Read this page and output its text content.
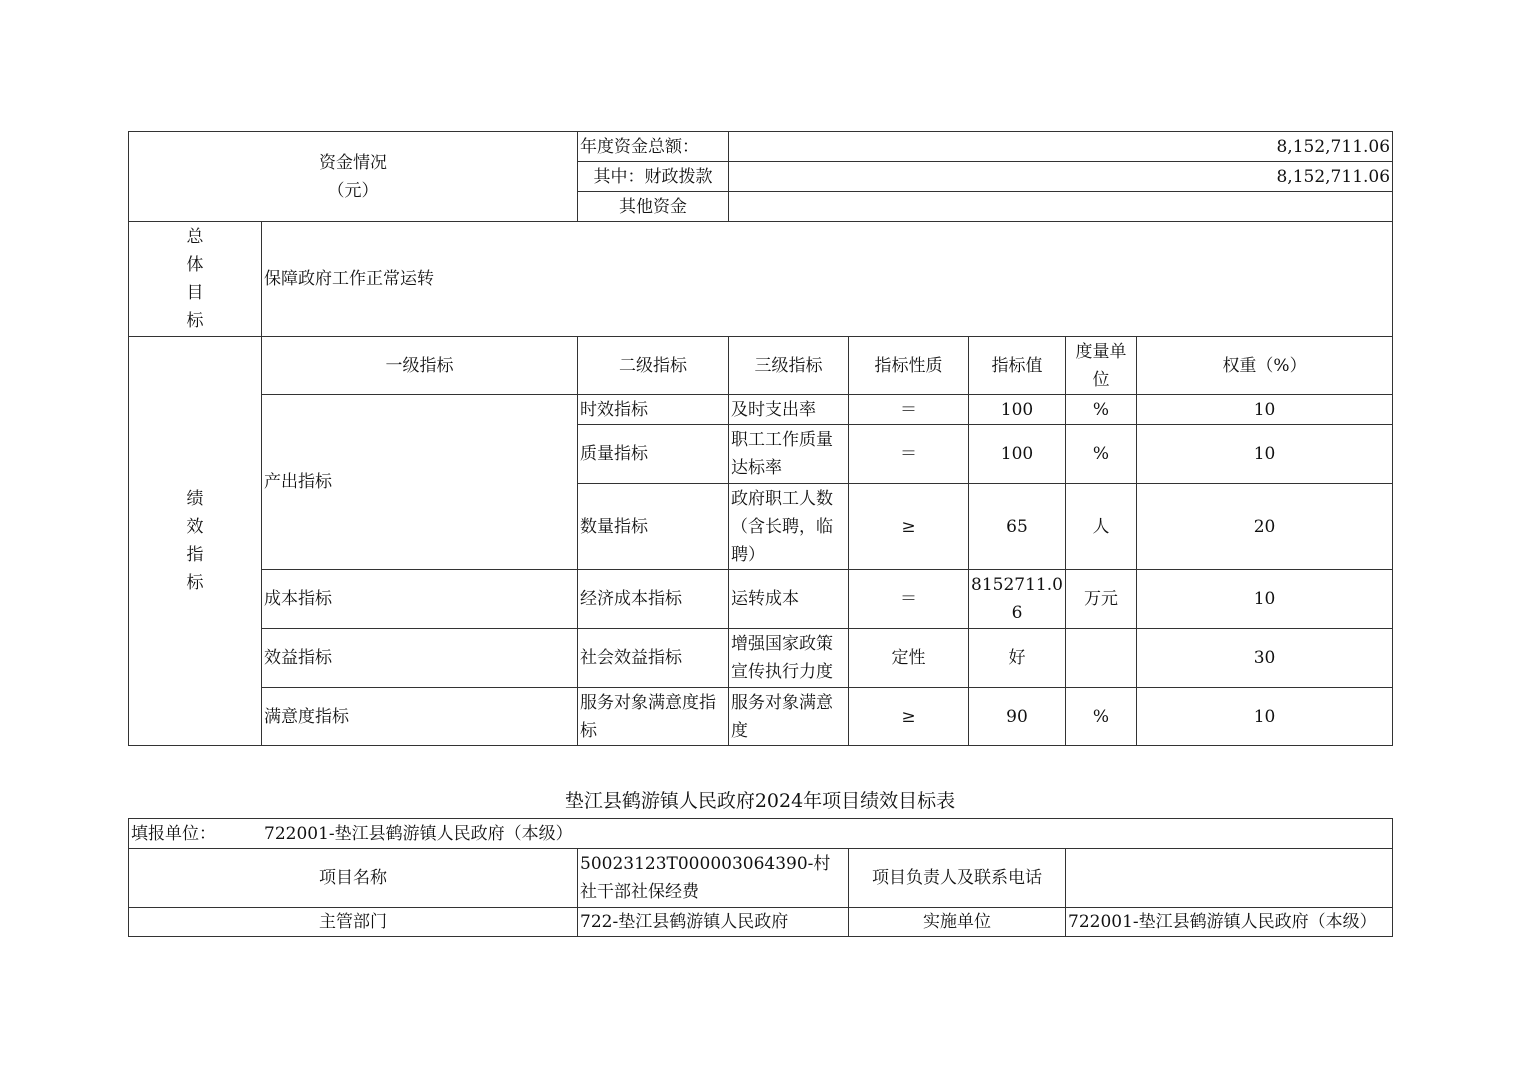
资金情况
（元）		年度资金总额：	8,152,711.06				
		其中：财政拨款	8,152,711.06				
		其他资金					

总
体
目
标	保障政府工作正常运转						

绩
效
指
标	一级指标	二级指标	三级指标	指标性质	指标值	度量单位	权重（%）
	产出指标	时效指标	及时支出率	＝	100	%	10
		质量指标	职工工作质量达标率	＝	100	%	10
		数量指标	政府职工人数（含长聘，临聘）	≥	65	人	20
	成本指标	经济成本指标	运转成本	＝	8152711.06	万元	10
	效益指标	社会效益指标	增强国家政策宣传执行力度	定性	好		30
	满意度指标	服务对象满意度指标	服务对象满意度	≥	90	%	10
垫江县鹤游镇人民政府2024年项目绩效目标表
填报单位： 722001-垫江县鹤游镇人民政府（本级）			
项目名称	50023123T000003064390-村社干部社保经费	项目负责人及联系电话	
主管部门	722-垫江县鹤游镇人民政府	实施单位	722001-垫江县鹤游镇人民政府（本级）
